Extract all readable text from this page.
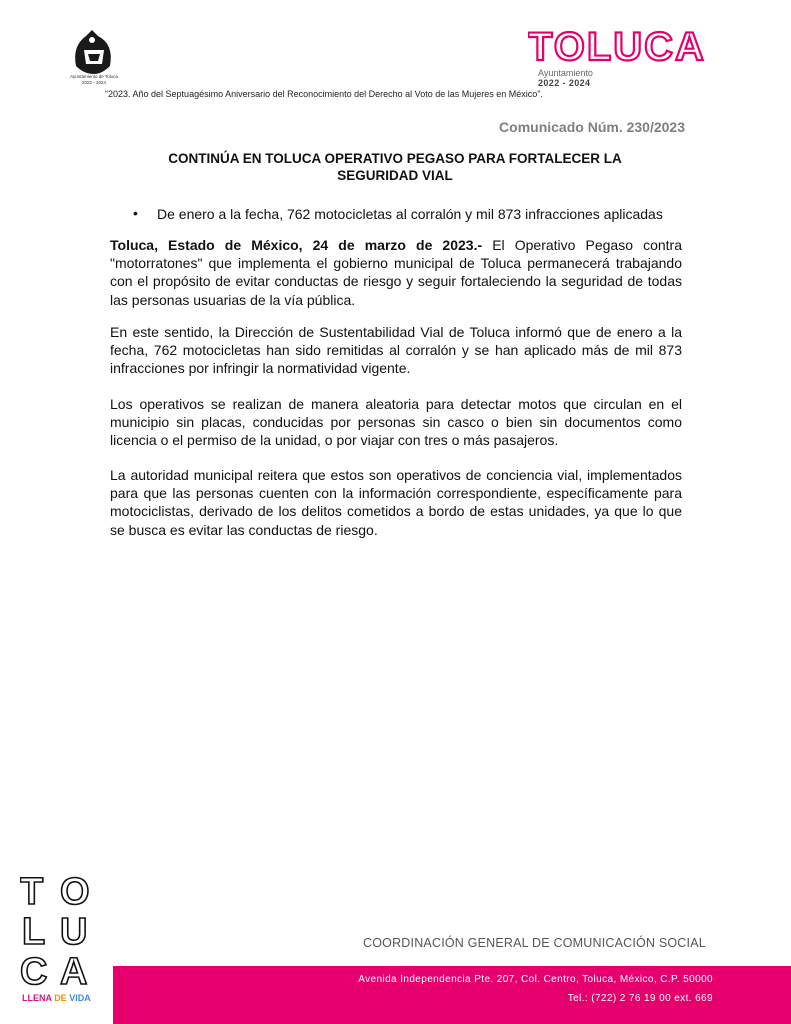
Ayuntamiento de Toluca
2022 - 2024
TOLUCA
Ayuntamiento
2022 - 2024
“2023. Año del Septuagésimo Aniversario del Reconocimiento del Derecho al Voto de las Mujeres en México”.
Comunicado Núm. 230/2023
CONTINÚA EN TOLUCA OPERATIVO PEGASO PARA FORTALECER LA
SEGURIDAD VIAL
• De enero a la fecha, 762 motocicletas al corralón y mil 873 infracciones aplicadas

Toluca, Estado de México, 24 de marzo de 2023.- El Operativo Pegaso contra "motorratones" que implementa el gobierno municipal de Toluca permanecerá trabajando con el propósito de evitar conductas de riesgo y seguir fortaleciendo la seguridad de todas las personas usuarias de la vía pública.

En este sentido, la Dirección de Sustentabilidad Vial de Toluca informó que de enero a la fecha, 762 motocicletas han sido remitidas al corralón y se han aplicado más de mil 873 infracciones por infringir la normatividad vigente.

Los operativos se realizan de manera aleatoria para detectar motos que circulan en el municipio sin placas, conducidas por personas sin casco o bien sin documentos como licencia o el permiso de la unidad, o por viajar con tres o más pasajeros.

La autoridad municipal reitera que estos son operativos de conciencia vial, implementados para que las personas cuenten con la información correspondiente, específicamente para motociclistas, derivado de los delitos cometidos a bordo de estas unidades, ya que lo que se busca es evitar las conductas de riesgo.

T O
L U
C A
LLENA DE VIDA
COORDINACIÓN GENERAL DE COMUNICACIÓN SOCIAL
Avenida Independencia Pte. 207, Col. Centro, Toluca, México, C.P. 50000
Tel.: (722) 2 76 19 00 ext. 669
